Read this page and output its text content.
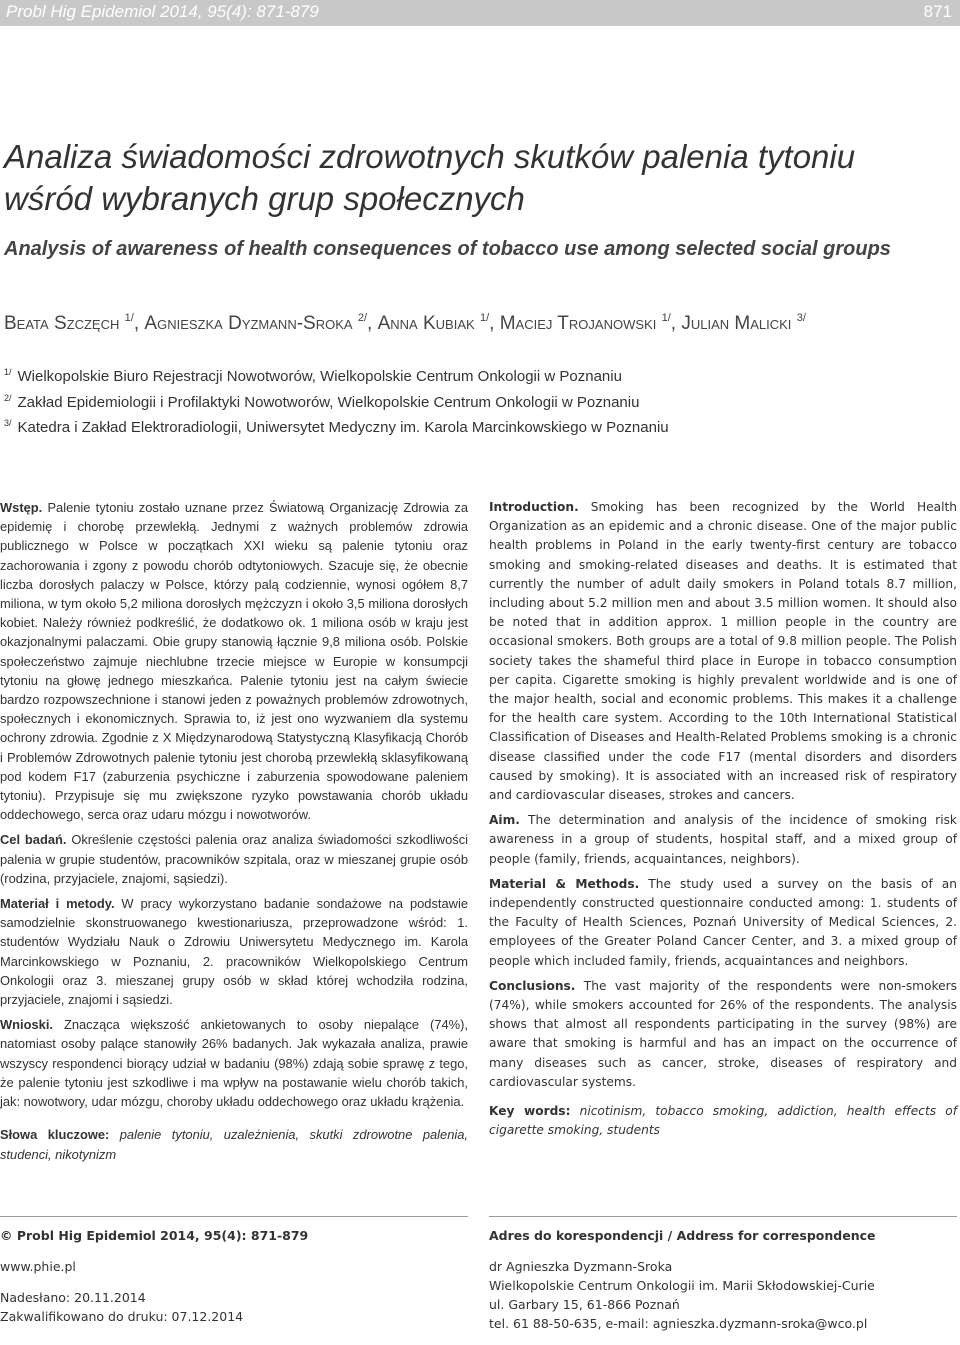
Probl Hig Epidemiol 2014, 95(4): 871-879	871
Analiza świadomości zdrowotnych skutków palenia tytoniu wśród wybranych grup społecznych
Analysis of awareness of health consequences of tobacco use among selected social groups
Beata Szczęch $^{1/}$, Agnieszka Dyzmann-Sroka $^{2/}$, Anna Kubiak $^{1/}$, Maciej Trojanowski $^{1/}$, Julian Malicki $^{3/}$
$^{1/}$ Wielkopolskie Biuro Rejestracji Nowotworów, Wielkopolskie Centrum Onkologii w Poznaniu
$^{2/}$ Zakład Epidemiologii i Profilaktyki Nowotworów, Wielkopolskie Centrum Onkologii w Poznaniu
$^{3/}$ Katedra i Zakład Elektroradiologii, Uniwersytet Medyczny im. Karola Marcinkowskiego w Poznaniu

Wstęp. Palenie tytoniu zostało uznane przez Światową Organizację Zdrowia za epidemię i chorobę przewlekłą. Jednymi z ważnych problemów zdrowia publicznego w Polsce w początkach XXI wieku są palenie tytoniu oraz zachorowania i zgony z powodu chorób odtytoniowych. Szacuje się, że obecnie liczba dorosłych palaczy w Polsce, którzy palą codziennie, wynosi ogółem 8,7 miliona, w tym około 5,2 miliona dorosłych mężczyzn i około 3,5 miliona dorosłych kobiet. Należy również podkreślić, że dodatkowo ok. 1 miliona osób w kraju jest okazjonalnymi palaczami. Obie grupy stanowią łącznie 9,8 miliona osób. Polskie społeczeństwo zajmuje niechlubne trzecie miejsce w Europie w konsumpcji tytoniu na głowę jednego mieszkańca. Palenie tytoniu jest na całym świecie bardzo rozpowszechnione i stanowi jeden z poważnych problemów zdrowotnych, społecznych i ekonomicznych. Sprawia to, iż jest ono wyzwaniem dla systemu ochrony zdrowia. Zgodnie z X Międzynarodową Statystyczną Klasyfikacją Chorób i Problemów Zdrowotnych palenie tytoniu jest chorobą przewlekłą sklasyfikowaną pod kodem F17 (zaburzenia psychiczne i zaburzenia spowodowane paleniem tytoniu). Przypisuje się mu zwiększone ryzyko powstawania chorób układu oddechowego, serca oraz udaru mózgu i nowotworów.

Cel badań. Określenie częstości palenia oraz analiza świadomości szkodliwości palenia w grupie studentów, pracowników szpitala, oraz w mieszanej grupie osób (rodzina, przyjaciele, znajomi, sąsiedzi).

Materiał i metody. W pracy wykorzystano badanie sondażowe na podstawie samodzielnie skonstruowanego kwestionariusza, przeprowadzone wśród: 1. studentów Wydziału Nauk o Zdrowiu Uniwersytetu Medycznego im. Karola Marcinkowskiego w Poznaniu, 2. pracowników Wielkopolskiego Centrum Onkologii oraz 3. mieszanej grupy osób w skład której wchodziła rodzina, przyjaciele, znajomi i sąsiedzi.

Wnioski. Znacząca większość ankietowanych to osoby niepalące (74%), natomiast osoby palące stanowiły 26% badanych. Jak wykazała analiza, prawie wszyscy respondenci biorący udział w badaniu (98%) zdają sobie sprawę z tego, że palenie tytoniu jest szkodliwe i ma wpływ na postawanie wielu chorób takich, jak: nowotwory, udar mózgu, choroby układu oddechowego oraz układu krążenia.

Słowa kluczowe: palenie tytoniu, uzależnienia, skutki zdrowotne palenia, studenci, nikotynizm

Introduction. Smoking has been recognized by the World Health Organization as an epidemic and a chronic disease. One of the major public health problems in Poland in the early twenty-first century are tobacco smoking and smoking-related diseases and deaths. It is estimated that currently the number of adult daily smokers in Poland totals 8.7 million, including about 5.2 million men and about 3.5 million women. It should also be noted that in addition approx. 1 million people in the country are occasional smokers. Both groups are a total of 9.8 million people. The Polish society takes the shameful third place in Europe in tobacco consumption per capita. Cigarette smoking is highly prevalent worldwide and is one of the major health, social and economic problems. This makes it a challenge for the health care system. According to the 10th International Statistical Classification of Diseases and Health-Related Problems smoking is a chronic disease classified under the code F17 (mental disorders and disorders caused by smoking). It is associated with an increased risk of respiratory and cardiovascular diseases, strokes and cancers.

Aim. The determination and analysis of the incidence of smoking risk awareness in a group of students, hospital staff, and a mixed group of people (family, friends, acquaintances, neighbors).

Material & Methods. The study used a survey on the basis of an independently constructed questionnaire conducted among: 1. students of the Faculty of Health Sciences, Poznań University of Medical Sciences, 2. employees of the Greater Poland Cancer Center, and 3. a mixed group of people which included family, friends, acquaintances and neighbors.

Conclusions. The vast majority of the respondents were non-smokers (74%), while smokers accounted for 26% of the respondents. The analysis shows that almost all respondents participating in the survey (98%) are aware that smoking is harmful and has an impact on the occurrence of many diseases such as cancer, stroke, diseases of respiratory and cardiovascular systems.

Key words: nicotinism, tobacco smoking, addiction, health effects of cigarette smoking, students

© Probl Hig Epidemiol 2014, 95(4): 871-879
www.phie.pl
Nadesłano: 20.11.2014
Zakwalifikowano do druku: 07.12.2014
Adres do korespondencji / Address for correspondence
dr Agnieszka Dyzmann-Sroka
Wielkopolskie Centrum Onkologii im. Marii Skłodowskiej-Curie
ul. Garbary 15, 61-866 Poznań
tel. 61 88-50-635, e-mail: agnieszka.dyzmann-sroka@wco.pl
